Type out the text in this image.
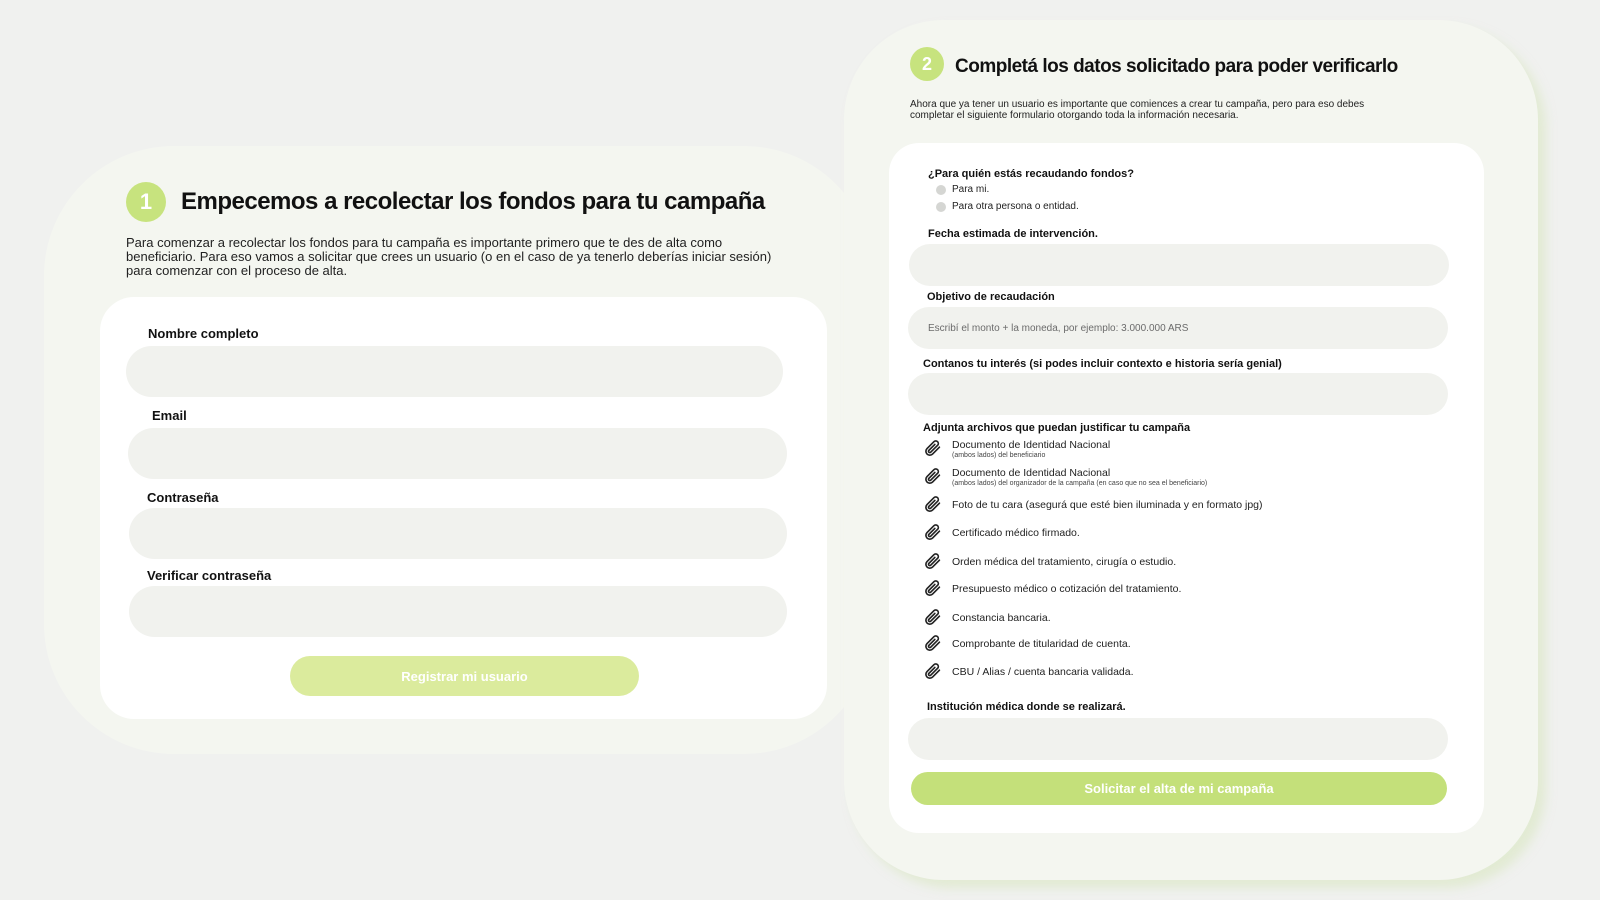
1	Empecemos a recolectar los fondos para tu campaña
Para comenzar a recolectar los fondos para tu campaña es importante primero que te des de alta como
beneficiario. Para eso vamos a solicitar que crees un usuario (o en el caso de ya tenerlo deberías iniciar sesión)
para comenzar con el proceso de alta.
Nombre completo
Email
Contraseña
Verificar contraseña
Registrar mi usuario
2	Completá los datos solicitado para poder verificarlo
Ahora que ya tener un usuario es importante que comiences a crear tu campaña, pero para eso debes
completar el siguiente formulario otorgando toda la información necesaria.
¿Para quién estás recaudando fondos?
Para mi.
Para otra persona o entidad.
Fecha estimada de intervención.
Objetivo de recaudación
Escribí el monto + la moneda, por ejemplo: 3.000.000 ARS
Contanos tu interés (si podes incluir contexto e historia sería genial)
Adjunta archivos que puedan justificar tu campaña
Documento de Identidad Nacional
(ambos lados) del beneficiario
Documento de Identidad Nacional
(ambos lados) del organizador de la campaña (en caso que no sea el beneficiario)
Foto de tu cara (asegurá que esté bien iluminada y en formato jpg)
Certificado médico firmado.
Orden médica del tratamiento, cirugía o estudio.
Presupuesto médico o cotización del tratamiento.
Constancia bancaria.
Comprobante de titularidad de cuenta.
CBU / Alias / cuenta bancaria validada.
Institución médica donde se realizará.
Solicitar el alta de mi campaña
